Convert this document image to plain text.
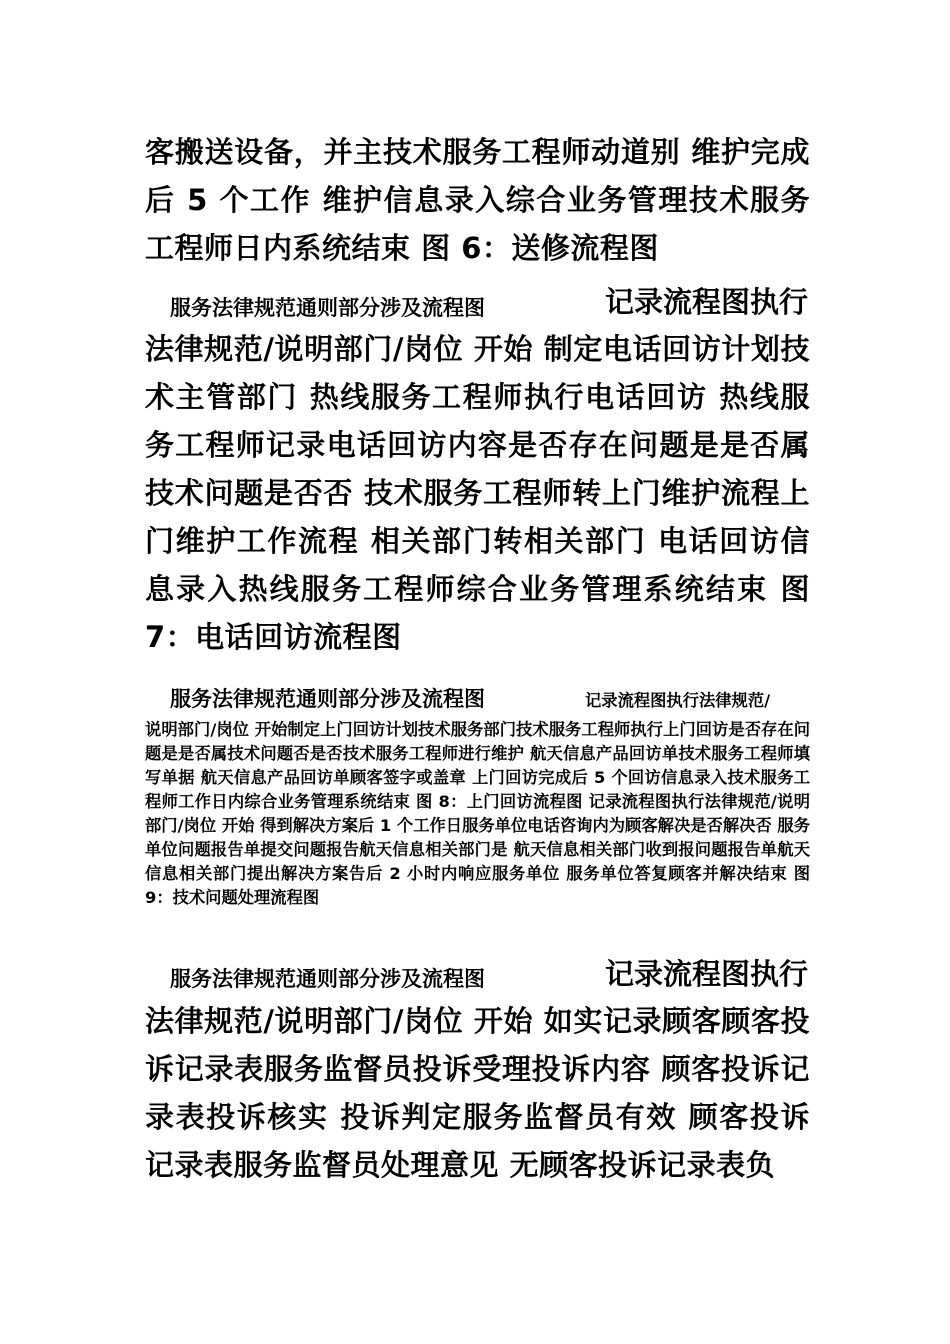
客搬送设备，并主技术服务工程师动道别 维护完成后 5 个工作 维护信息录入综合业务管理技术服务工程师日内系统结束 图 6：送修流程图

服务法律规范通则部分涉及流程图	记录流程图执行

法律规范/说明部门/岗位 开始 制定电话回访计划技术主管部门 热线服务工程师执行电话回访 热线服务工程师记录电话回访内容是否存在问题是是否属技术问题是否否 技术服务工程师转上门维护流程上门维护工作流程 相关部门转相关部门 电话回访信息录入热线服务工程师综合业务管理系统结束 图 7：电话回访流程图

服务法律规范通则部分涉及流程图	记录流程图执行法律规范/

说明部门/岗位 开始制定上门回访计划技术服务部门技术服务工程师执行上门回访是否存在问题是是否属技术问题否是否技术服务工程师进行维护 航天信息产品回访单技术服务工程师填写单据 航天信息产品回访单顾客签字或盖章 上门回访完成后 5 个回访信息录入技术服务工程师工作日内综合业务管理系统结束 图 8：上门回访流程图 记录流程图执行法律规范/说明部门/岗位 开始 得到解决方案后 1 个工作日服务单位电话咨询内为顾客解决是否解决否 服务单位问题报告单提交问题报告航天信息相关部门是 航天信息相关部门收到报问题报告单航天信息相关部门提出解决方案告后 2 小时内响应服务单位 服务单位答复顾客并解决结束 图 9：技术问题处理流程图

服务法律规范通则部分涉及流程图	记录流程图执行

法律规范/说明部门/岗位 开始 如实记录顾客顾客投诉记录表服务监督员投诉受理投诉内容 顾客投诉记录表投诉核实 投诉判定服务监督员有效 顾客投诉记录表服务监督员处理意见 无顾客投诉记录表负
